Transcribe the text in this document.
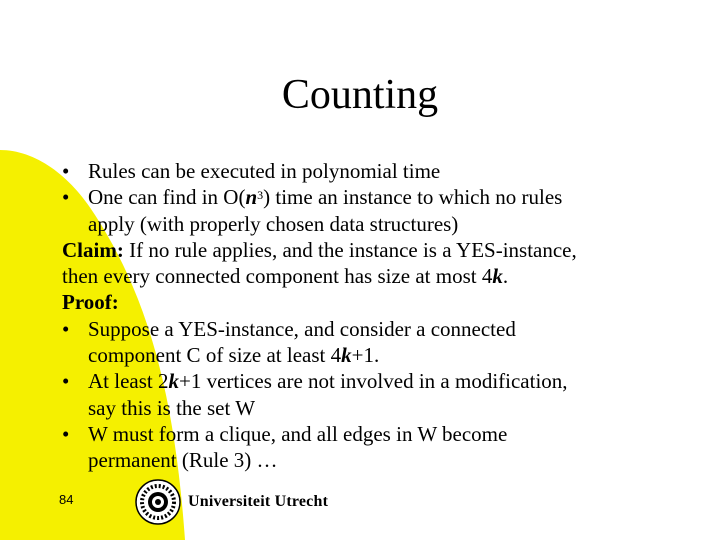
Counting
• Rules can be executed in polynomial time
• One can find in $O(n^3)$ time an instance to which no rules
apply (with properly chosen data structures)
Claim: If no rule applies, and the instance is a YES-instance,
then every connected component has size at most 4k.
Proof:
• Suppose a YES-instance, and consider a connected
component C of size at least 4k+1.
• At least 2k+1 vertices are not involved in a modification,
say this is the set W
• W must form a clique, and all edges in W become
permanent (Rule 3) …
84	Universiteit Utrecht
